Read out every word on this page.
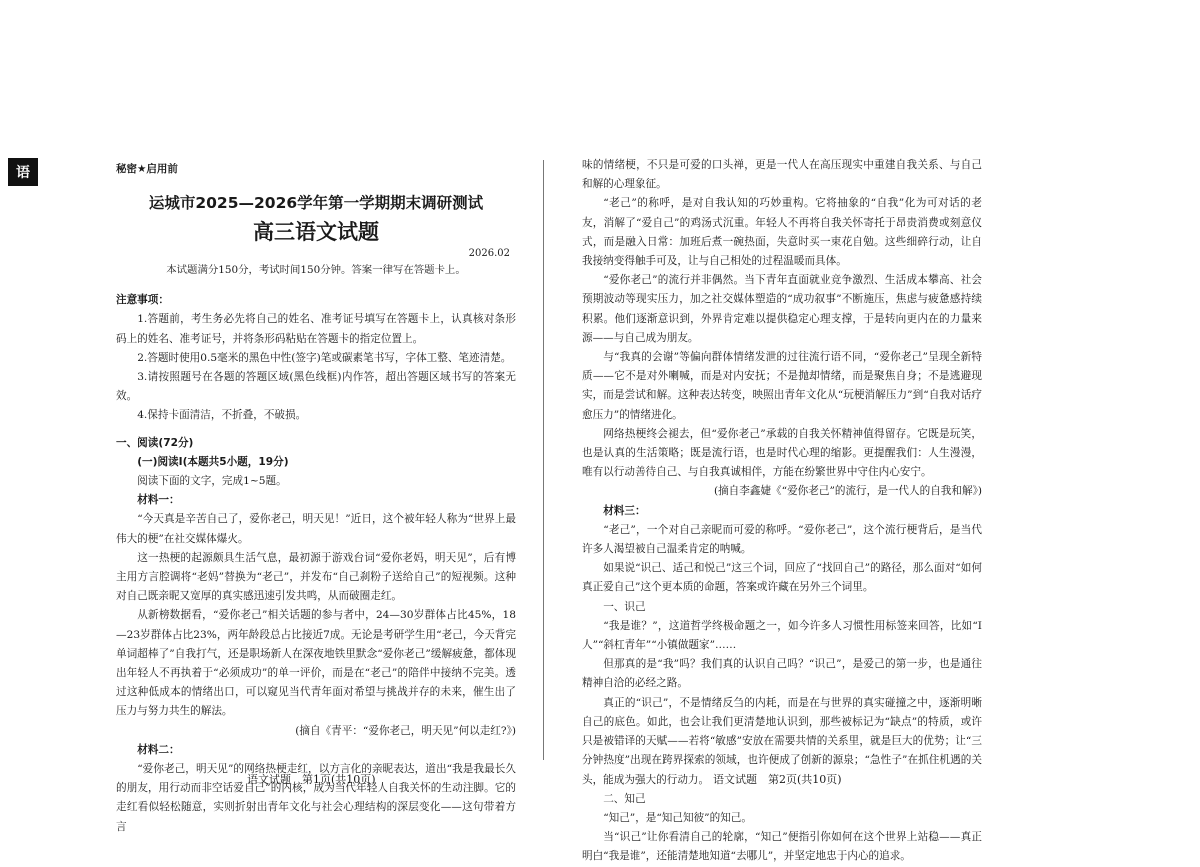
语	秘密★启用前
运城市2025—2026学年第一学期期末调研测试
高三语文试题
2026.02
本试题满分150分，考试时间150分钟。答案一律写在答题卡上。

注意事项：

1.答题前，考生务必先将自己的姓名、准考证号填写在答题卡上，认真核对条形码上的姓名、准考证号，并将条形码粘贴在答题卡的指定位置上。

2.答题时使用0.5毫米的黑色中性(签字)笔或碳素笔书写，字体工整、笔迹清楚。

3.请按照题号在各题的答题区域(黑色线框)内作答，超出答题区域书写的答案无效。

4.保持卡面清洁，不折叠，不破损。

一、阅读(72分)

(一)阅读Ⅰ(本题共5小题，19分)

阅读下面的文字，完成1~5题。

材料一：

“今天真是辛苦自己了，爱你老己，明天见！”近日，这个被年轻人称为“世界上最伟大的梗”在社交媒体爆火。

这一热梗的起源颇具生活气息，最初源于游戏台词“爱你老妈，明天见”，后有博主用方言腔调将“老妈”替换为“老己”，并发布“自己刹粉子送给自己”的短视频。这种对自己既亲昵又宽厚的真实感迅速引发共鸣，从而破圈走红。

从新榜数据看，“爱你老己”相关话题的参与者中，24—30岁群体占比45%，18—23岁群体占比23%，两年龄段总占比接近7成。无论是考研学生用“老己，今天背完单词超棒了”自我打气，还是职场新人在深夜地铁里默念“爱你老己”缓解疲惫，都体现出年轻人不再执着于“必须成功”的单一评价，而是在“老己”的陪伴中接纳不完美。透过这种低成本的情绪出口，可以窥见当代青年面对希望与挑战并存的未来，催生出了压力与努力共生的解法。

(摘自《青平：“爱你老己，明天见”何以走红?》)

材料二：

“爱你老己，明天见”的网络热梗走红，以方言化的亲昵表达，道出“我是我最长久的朋友，用行动而非空话爱自己”的内核，成为当代年轻人自我关怀的生动注脚。它的走红看似轻松随意，实则折射出青年文化与社会心理结构的深层变化——这句带着方言

味的情绪梗，不只是可爱的口头禅，更是一代人在高压现实中重建自我关系、与自己和解的心理象征。

“老己”的称呼，是对自我认知的巧妙重构。它将抽象的“自我”化为可对话的老友，消解了“爱自己”的鸡汤式沉重。年轻人不再将自我关怀寄托于昂贵消费或刻意仪式，而是融入日常：加班后煮一碗热面，失意时买一束花自勉。这些细碎行动，让自我接纳变得触手可及，让与自己相处的过程温暖而具体。

“爱你老己”的流行并非偶然。当下青年直面就业竞争激烈、生活成本攀高、社会预期波动等现实压力，加之社交媒体塑造的“成功叙事”不断施压，焦虑与疲惫感持续积累。他们逐渐意识到，外界肯定难以提供稳定心理支撑，于是转向更内在的力量来源——与自己成为朋友。

与“我真的会谢”等偏向群体情绪发泄的过往流行语不同，“爱你老己”呈现全新特质——它不是对外喇喊，而是对内安抚；不是抛却情绪，而是聚焦自身；不是逃避现实，而是尝试和解。这种表达转变，映照出青年文化从“玩梗消解压力”到“自我对话疗愈压力”的情绪进化。

网络热梗终会褪去，但“爱你老己”承载的自我关怀精神值得留存。它既是玩笑，也是认真的生活策略；既是流行语，也是时代心理的缩影。更提醒我们：人生漫漫，唯有以行动善待自己、与自我真诚相伴，方能在纷繁世界中守住内心安宁。

(摘自李鑫婕《“爱你老己”的流行，是一代人的自我和解》)

材料三：

“老己”，一个对自己亲昵而可爱的称呼。“爱你老己”，这个流行梗背后，是当代许多人渴望被自己温柔肯定的呐喊。

如果说“识己、适己和悦己”这三个词，回应了“找回自己”的路径，那么面对“如何真正爱自己”这个更本质的命题，答案或许藏在另外三个词里。

一、识己

“我是谁？”，这道哲学终极命题之一，如今许多人习惯性用标签来回答，比如“I人”“斜杠青年”“小镇做题家”……

但那真的是“我”吗？我们真的认识自己吗？“识己”，是爱己的第一步，也是通往精神自洽的必经之路。

真正的“识己”，不是情绪反刍的内耗，而是在与世界的真实碰撞之中，逐渐明晰自己的底色。如此，也会让我们更清楚地认识到，那些被标记为“缺点”的特质，或许只是被错译的天赋——若将“敏感”安放在需要共情的关系里，就是巨大的优势；让“三分钟热度”出现在跨界探索的领域，也许便成了创新的源泉；“急性子”在抓住机遇的关头，能成为强大的行动力。

二、知己

“知己”，是“知己知彼”的知己。

当“识己”让你看清自己的轮廓，“知己”便指引你如何在这个世界上站稳——真正明白“我是谁”，还能清楚地知道“去哪儿”，并坚定地忠于内心的追求。

语文试题　第1页(共10页)	语文试题　第2页(共10页)
